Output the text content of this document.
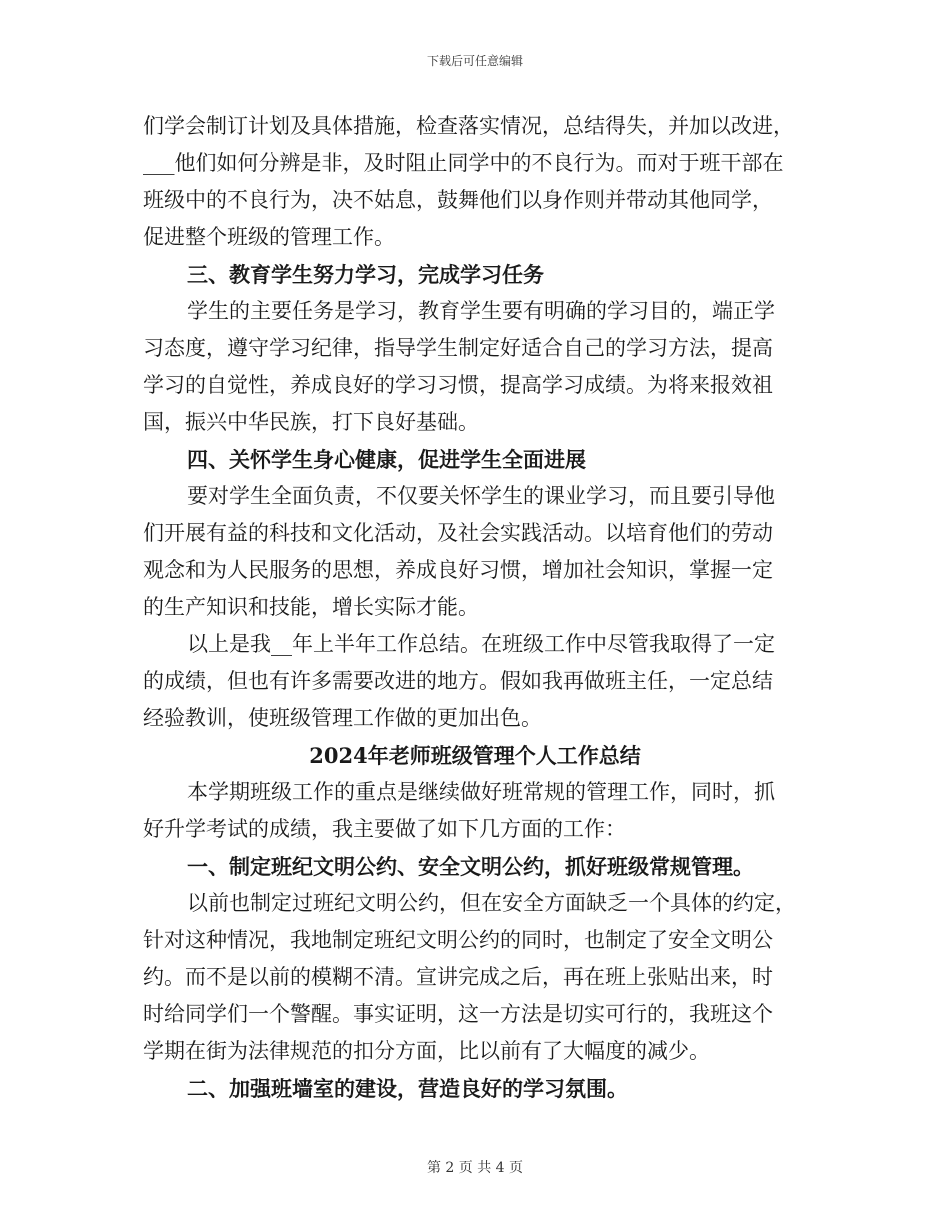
下载后可任意编辑
们学会制订计划及具体措施，检查落实情况，总结得失，并加以改进，
___他们如何分辨是非，及时阻止同学中的不良行为。而对于班干部在
班级中的不良行为，决不姑息，鼓舞他们以身作则并带动其他同学，
促进整个班级的管理工作。
三、教育学生努力学习，完成学习任务
学生的主要任务是学习，教育学生要有明确的学习目的，端正学
习态度，遵守学习纪律，指导学生制定好适合自己的学习方法，提高
学习的自觉性，养成良好的学习习惯，提高学习成绩。为将来报效祖
国，振兴中华民族，打下良好基础。
四、关怀学生身心健康，促进学生全面进展
要对学生全面负责，不仅要关怀学生的课业学习，而且要引导他
们开展有益的科技和文化活动，及社会实践活动。以培育他们的劳动
观念和为人民服务的思想，养成良好习惯，增加社会知识，掌握一定
的生产知识和技能，增长实际才能。
以上是我__年上半年工作总结。在班级工作中尽管我取得了一定
的成绩，但也有许多需要改进的地方。假如我再做班主任，一定总结
经验教训，使班级管理工作做的更加出色。
2024年老师班级管理个人工作总结
本学期班级工作的重点是继续做好班常规的管理工作，同时，抓
好升学考试的成绩，我主要做了如下几方面的工作：
一、制定班纪文明公约、安全文明公约，抓好班级常规管理。
以前也制定过班纪文明公约，但在安全方面缺乏一个具体的约定，
针对这种情况，我地制定班纪文明公约的同时，也制定了安全文明公
约。而不是以前的模糊不清。宣讲完成之后，再在班上张贴出来，时
时给同学们一个警醒。事实证明，这一方法是切实可行的，我班这个
学期在街为法律规范的扣分方面，比以前有了大幅度的减少。
二、加强班墙室的建设，营造良好的学习氛围。
第 2 页 共 4 页
